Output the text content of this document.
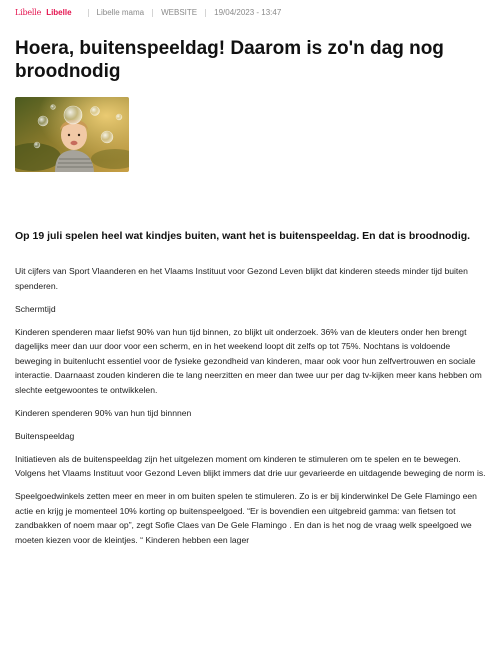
Libelle Libelle	Libelle mama WEBSITE 19/04/2023 - 13:47
Hoera, buitenspeeldag! Daarom is zo'n dag nog broodnodig

Op 19 juli spelen heel wat kindjes buiten, want het is buitenspeeldag. En dat is broodnodig.

Uit cijfers van Sport Vlaanderen en het Vlaams Instituut voor Gezond Leven blijkt dat kinderen steeds minder tijd buiten spenderen.

Schermtijd

Kinderen spenderen maar liefst 90% van hun tijd binnen, zo blijkt uit onderzoek. 36% van de kleuters onder hen brengt dagelijks meer dan uur door voor een scherm, en in het weekend loopt dit zelfs op tot 75%. Nochtans is voldoende beweging in buitenlucht essentiel voor de fysieke gezondheid van kinderen, maar ook voor hun zelfvertrouwen en sociale interactie. Daarnaast zouden kinderen die te lang neerzitten en meer dan twee uur per dag tv-kijken meer kans hebben om slechte eetgewoontes te ontwikkelen.

Kinderen spenderen 90% van hun tijd binnnen

Buitenspeeldag

Initiatieven als de buitenspeeldag zijn het uitgelezen moment om kinderen te stimuleren om te spelen en te bewegen. Volgens het Vlaams Instituut voor Gezond Leven blijkt immers dat drie uur gevarieerde en uitdagende beweging de norm is.

Speelgoedwinkels zetten meer en meer in om buiten spelen te stimuleren. Zo is er bij kinderwinkel De Gele Flamingo een actie en krijg je momenteel 10% korting op buitenspeelgoed. “Er is bovendien een uitgebreid gamma: van fietsen tot zandbakken of noem maar op”, zegt Sofie Claes van De Gele Flamingo . En dan is het nog de vraag welk speelgoed we moeten kiezen voor de kleintjes. “ Kinderen hebben een lager
